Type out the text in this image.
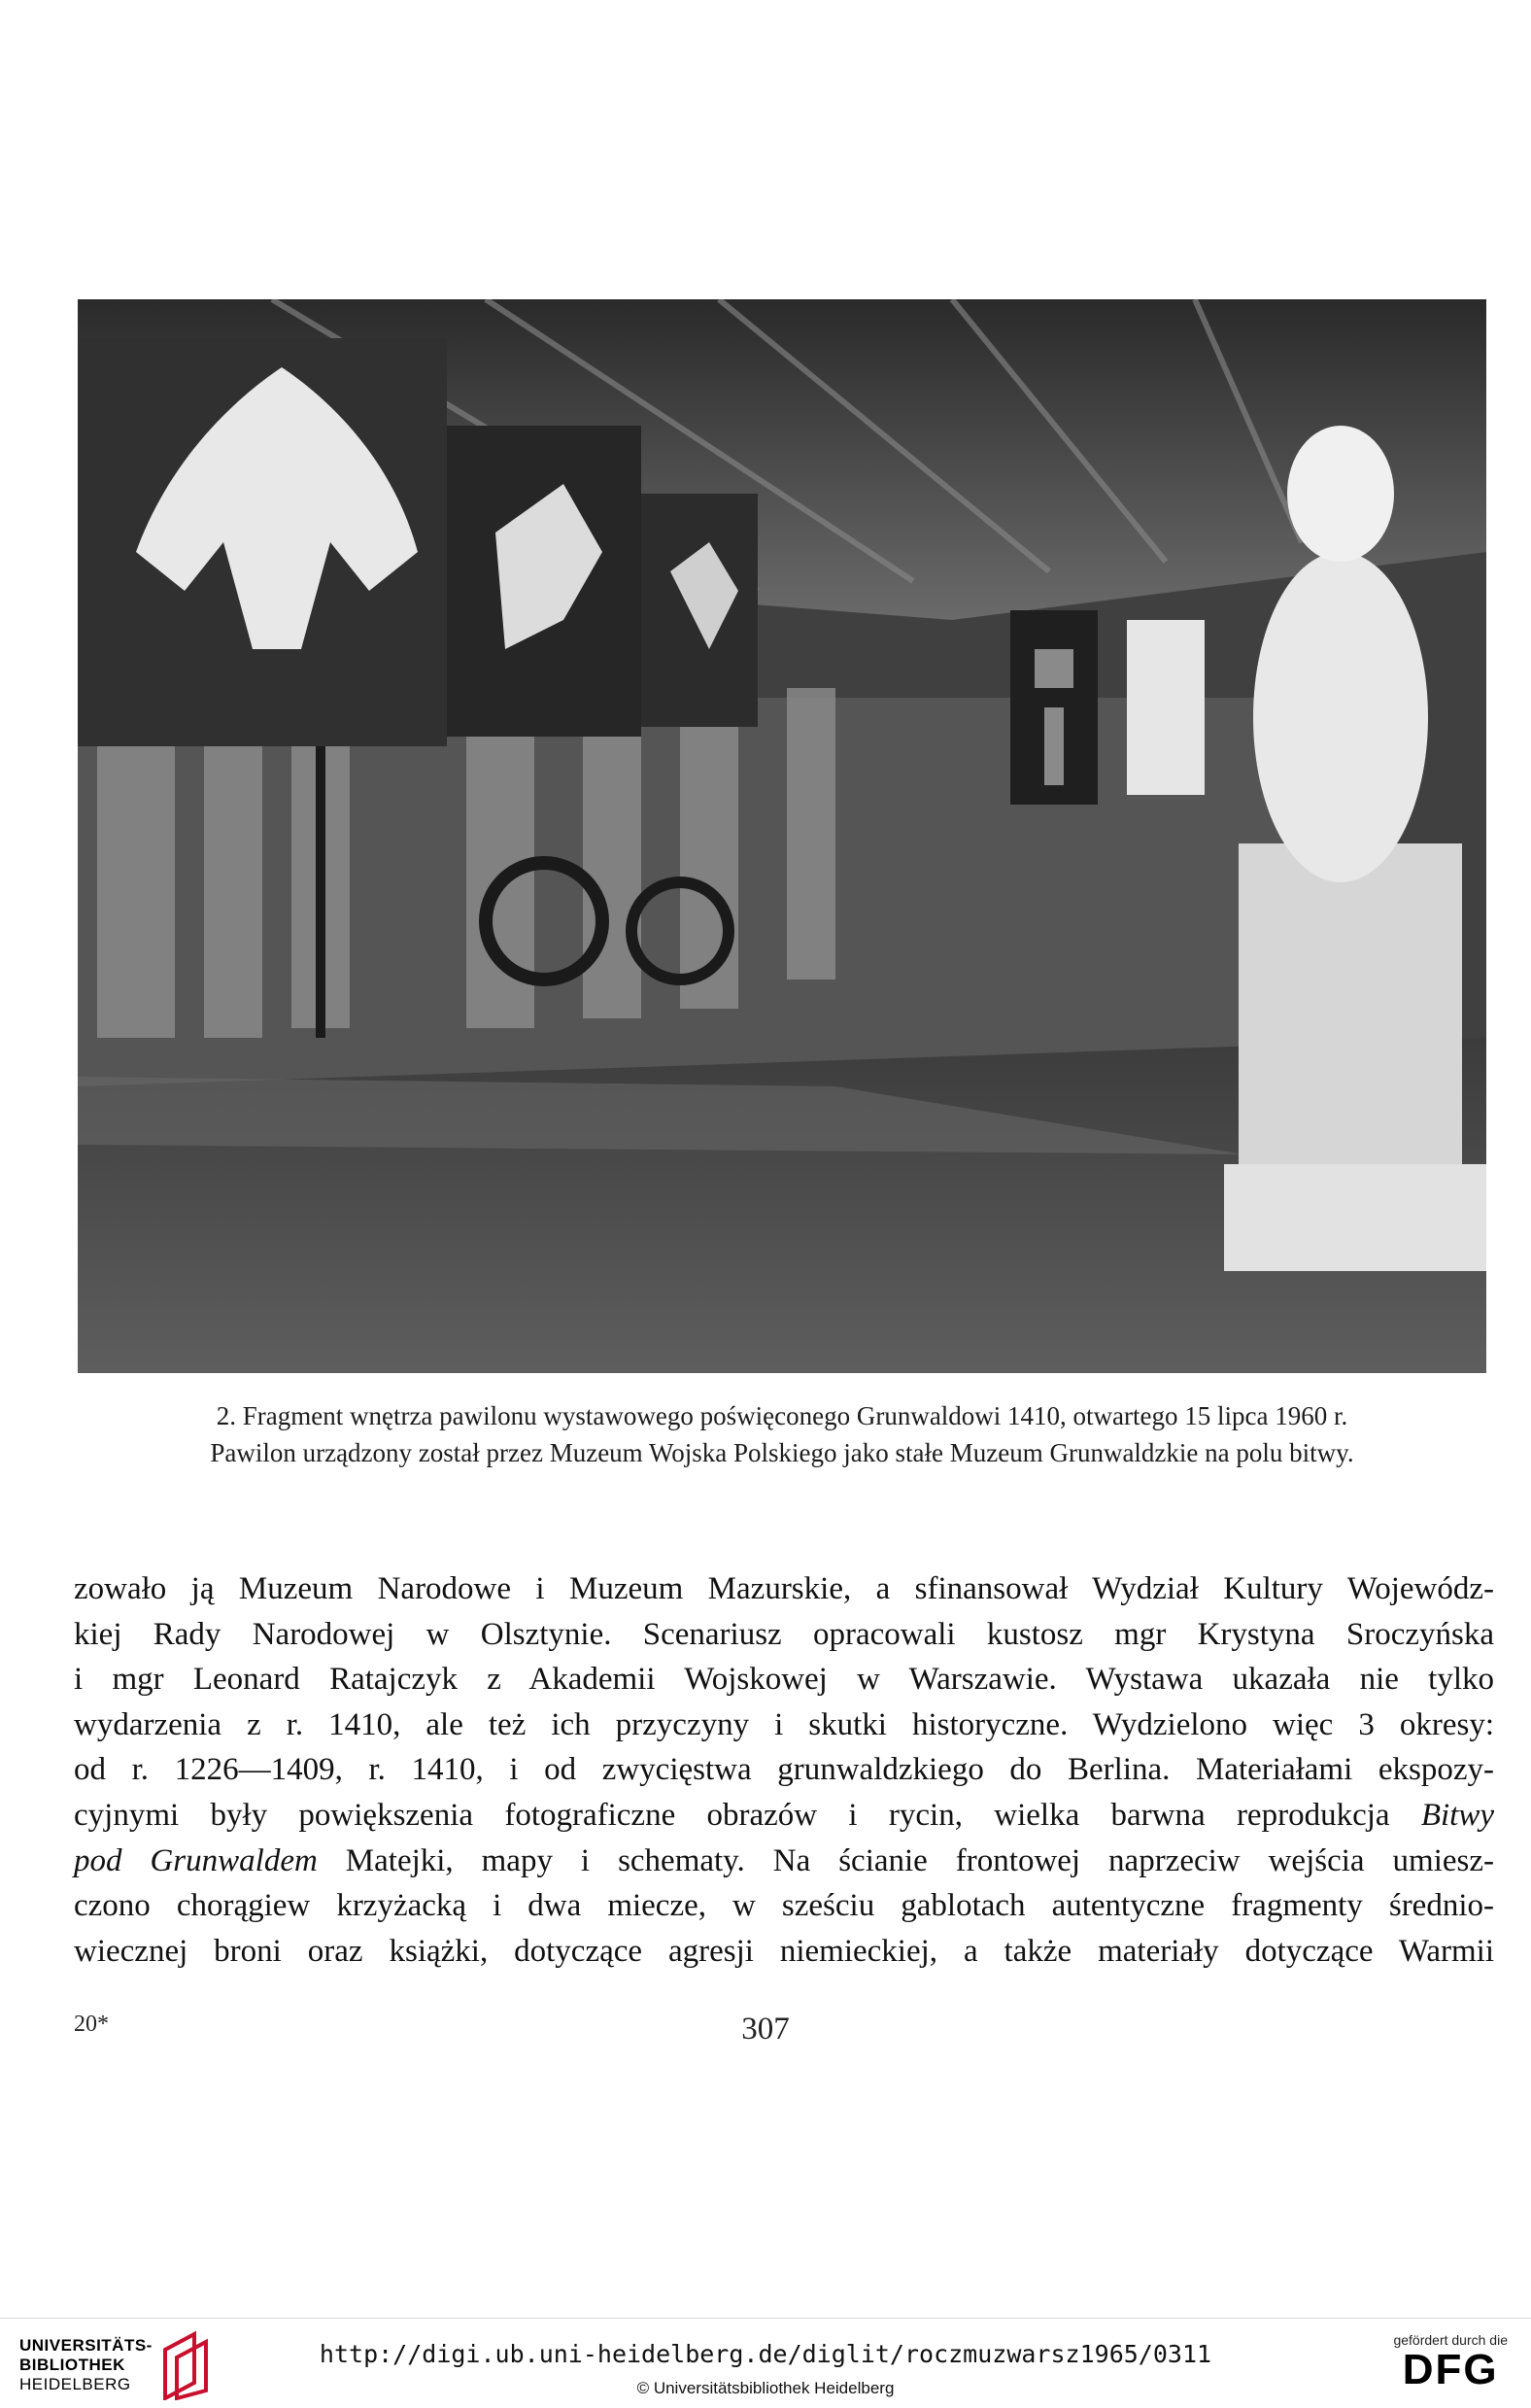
2. Fragment wnętrza pawilonu wystawowego poświęconego Grunwaldowi 1410, otwartego 15 lipca 1960 r.
Pawilon urządzony został przez Muzeum Wojska Polskiego jako stałe Muzeum Grunwaldzkie na polu bitwy.
zowało ją Muzeum Narodowe i Muzeum Mazurskie, a sfinansował Wydział Kultury Wojewódz-
kiej Rady Narodowej w Olsztynie. Scenariusz opracowali kustosz mgr Krystyna Sroczyńska
i mgr Leonard Ratajczyk z Akademii Wojskowej w Warszawie. Wystawa ukazała nie tylko
wydarzenia z r. 1410, ale też ich przyczyny i skutki historyczne. Wydzielono więc 3 okresy:
od r. 1226—1409, r. 1410, i od zwycięstwa grunwaldzkiego do Berlina. Materiałami ekspozy-
cyjnymi były powiększenia fotograficzne obrazów i rycin, wielka barwna reprodukcja Bitwy
pod Grunwaldem Matejki, mapy i schematy. Na ścianie frontowej naprzeciw wejścia umiesz-
czono chorągiew krzyżacką i dwa miecze, w sześciu gablotach autentyczne fragmenty średnio-
wiecznej broni oraz książki, dotyczące agresji niemieckiej, a także materiały dotyczące Warmii
20*	307
UNIVERSITÄTS-
BIBLIOTHEK
HEIDELBERG
http://digi.ub.uni-heidelberg.de/diglit/roczmuzwarsz1965/0311
© Universitätsbibliothek Heidelberg
gefördert durch die
DFG
